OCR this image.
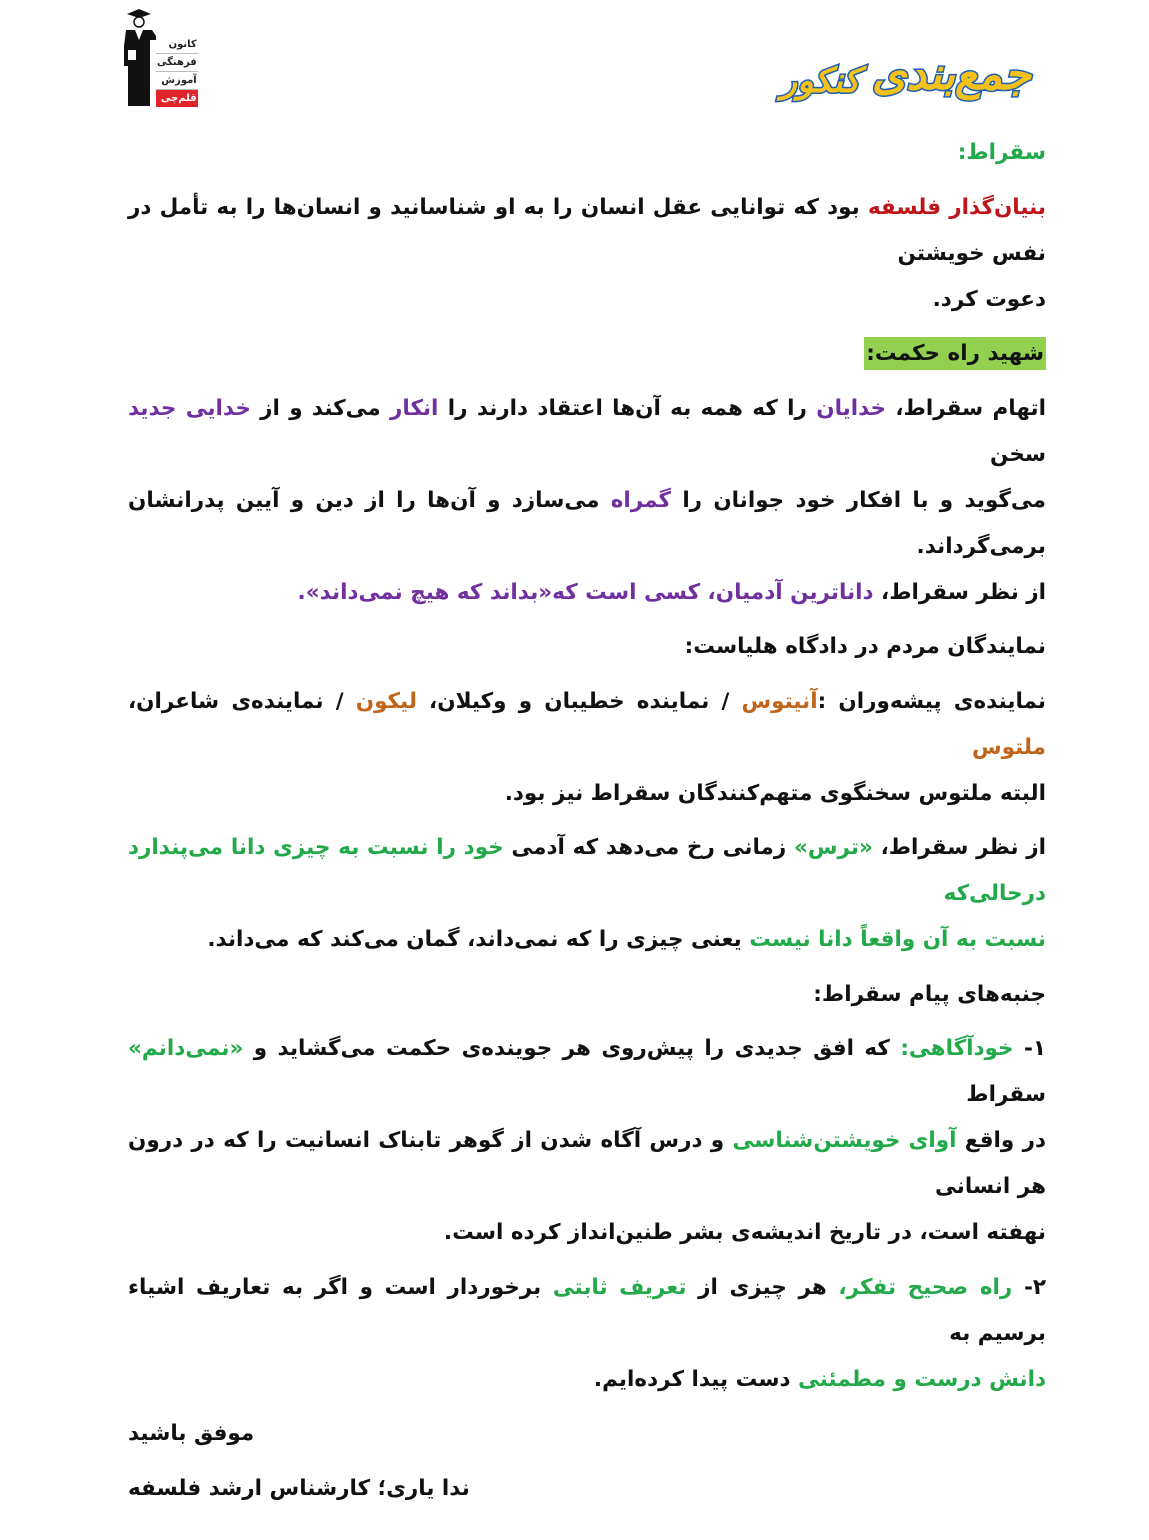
کانون
فرهنگی
آموزش
قلم‌چی	جمع‌بندی
کنکور
سقراط:
بنیان‌گذار فلسفه بود که توانایی عقل انسان را به او شناسانید و انسان‌ها را به تأمل در نفس خویشتن
دعوت کرد.
شهید راه حکمت:
اتهام سقراط، خدایان را که همه به آن‌ها اعتقاد دارند را انکار می‌کند و از خدایی جدید سخن
می‌گوید و با افکار خود جوانان را گمراه می‌سازد و آن‌ها را از دین و آیین پدرانشان برمی‌گرداند.
از نظر سقراط، داناترین آدمیان، کسی است که«بداند که هیچ نمی‌داند».
نمایندگان مردم در دادگاه هلیاست:
نماینده‌ی پیشه‌وران :آنیتوس / نماینده خطیبان و وکیلان، لیکون / نماینده‌ی شاعران، ملتوس
البته ملتوس سخنگوی متهم‌کنندگان سقراط نیز بود.
از نظر سقراط، «ترس» زمانی رخ می‌دهد که آدمی خود را نسبت به چیزی دانا می‌پندارد درحالی‌که
نسبت به آن واقعاً دانا نیست یعنی چیزی را که نمی‌داند، گمان می‌کند که می‌داند.
جنبه‌های پیام سقراط:
۱- خودآگاهی: که افق جدیدی را پیش‌روی هر جوینده‌ی حکمت می‌گشاید و «نمی‌دانم» سقراط
در واقع آوای خویشتن‌شناسی و درس آگاه شدن از گوهر تابناک انسانیت را که در درون هر انسانی
نهفته است، در تاریخ اندیشه‌ی بشر طنین‌انداز کرده است.
۲- راه صحیح تفکر، هر چیزی از تعریف ثابتی برخوردار است و اگر به تعاریف اشیاء برسیم به
دانش درست و مطمئنی دست پیدا کرده‌ایم.
موفق باشید
ندا یاری؛ کارشناس ارشد فلسفه
